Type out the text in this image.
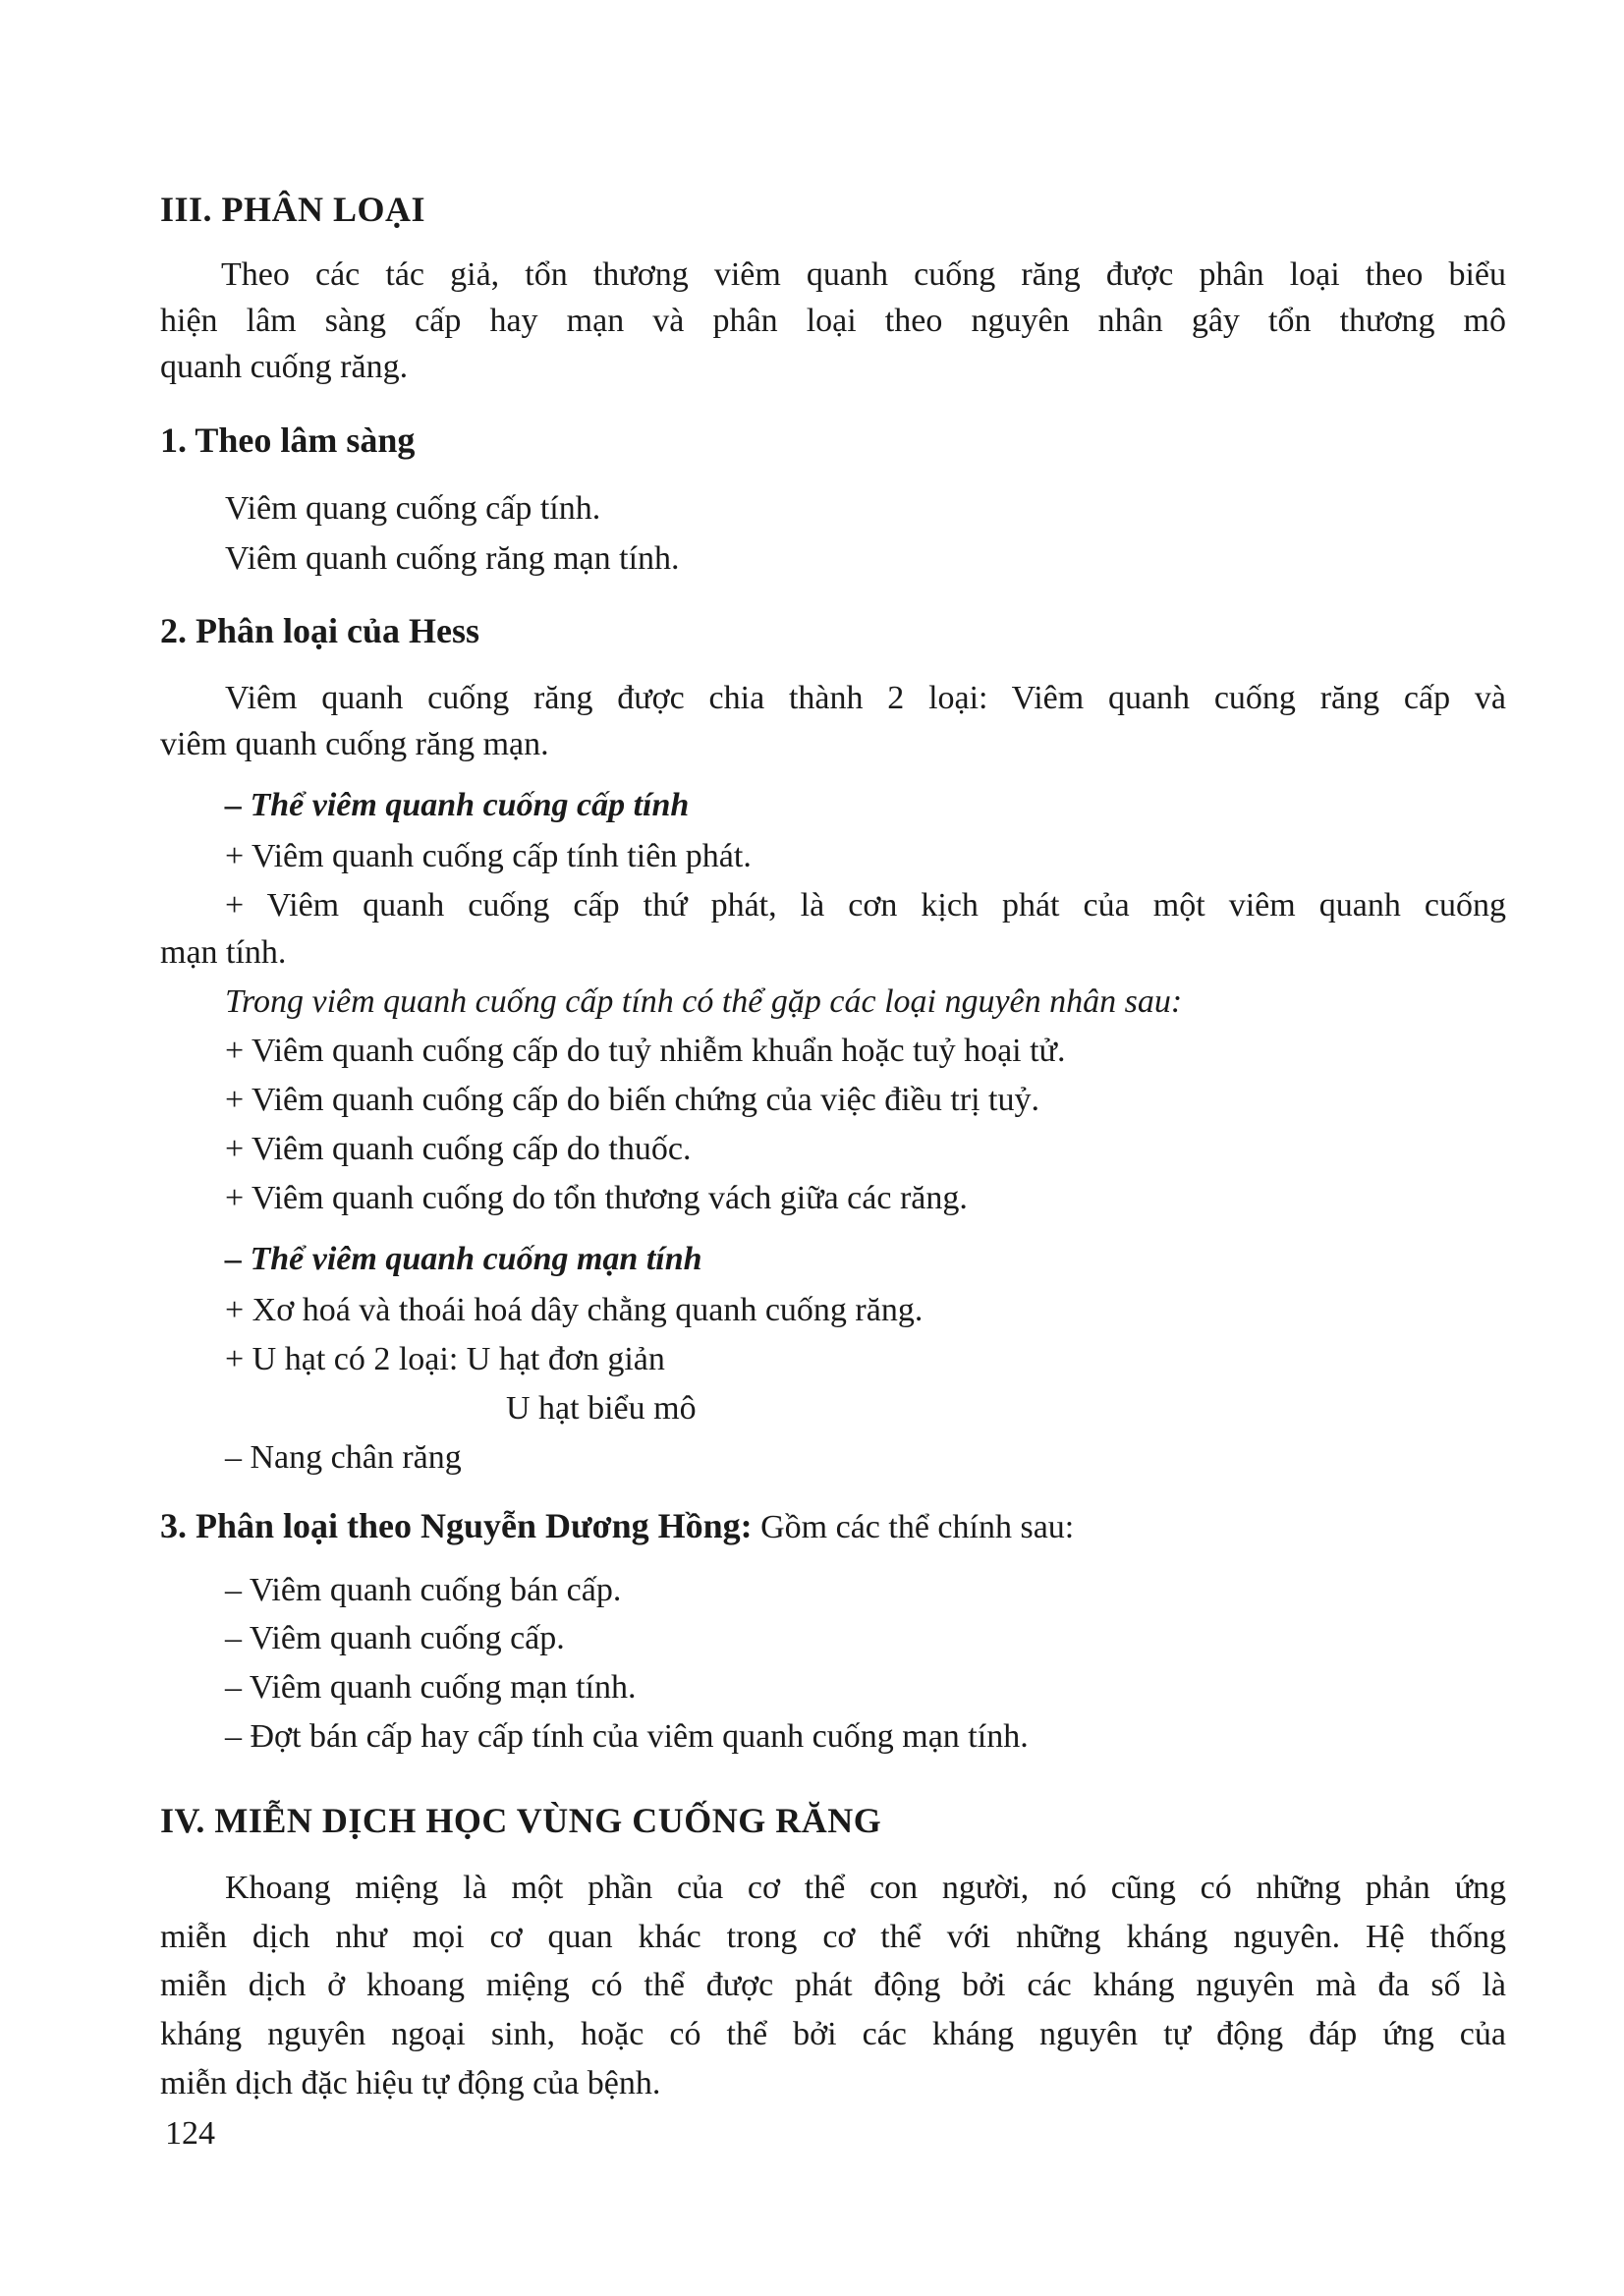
III. PHÂN LOẠI
Theo các tác giả, tổn thương viêm quanh cuống răng được phân loại theo biểu
hiện lâm sàng cấp hay mạn và phân loại theo nguyên nhân gây tổn thương mô
quanh cuống răng.
1. Theo lâm sàng
Viêm quang cuống cấp tính.
Viêm quanh cuống răng mạn tính.
2. Phân loại của Hess
Viêm quanh cuống răng được chia thành 2 loại: Viêm quanh cuống răng cấp và
viêm quanh cuống răng mạn.
– Thể viêm quanh cuống cấp tính
+ Viêm quanh cuống cấp tính tiên phát.
+ Viêm quanh cuống cấp thứ phát, là cơn kịch phát của một viêm quanh cuống
mạn tính.
Trong viêm quanh cuống cấp tính có thể gặp các loại nguyên nhân sau:
+ Viêm quanh cuống cấp do tuỷ nhiễm khuẩn hoặc tuỷ hoại tử.
+ Viêm quanh cuống cấp do biến chứng của việc điều trị tuỷ.
+ Viêm quanh cuống cấp do thuốc.
+ Viêm quanh cuống do tổn thương vách giữa các răng.
– Thể viêm quanh cuống mạn tính
+ Xơ hoá và thoái hoá dây chằng quanh cuống răng.
+ U hạt có 2 loại: U hạt đơn giản
U hạt biểu mô
– Nang chân răng
3. Phân loại theo Nguyễn Dương Hồng: Gồm các thể chính sau:
– Viêm quanh cuống bán cấp.
– Viêm quanh cuống cấp.
– Viêm quanh cuống mạn tính.
– Đợt bán cấp hay cấp tính của viêm quanh cuống mạn tính.
IV. MIỄN DỊCH HỌC VÙNG CUỐNG RĂNG
Khoang miệng là một phần của cơ thể con người, nó cũng có những phản ứng
miễn dịch như mọi cơ quan khác trong cơ thể với những kháng nguyên. Hệ thống
miễn dịch ở khoang miệng có thể được phát động bởi các kháng nguyên mà đa số là
kháng nguyên ngoại sinh, hoặc có thể bởi các kháng nguyên tự động đáp ứng của
miễn dịch đặc hiệu tự động của bệnh.
124
